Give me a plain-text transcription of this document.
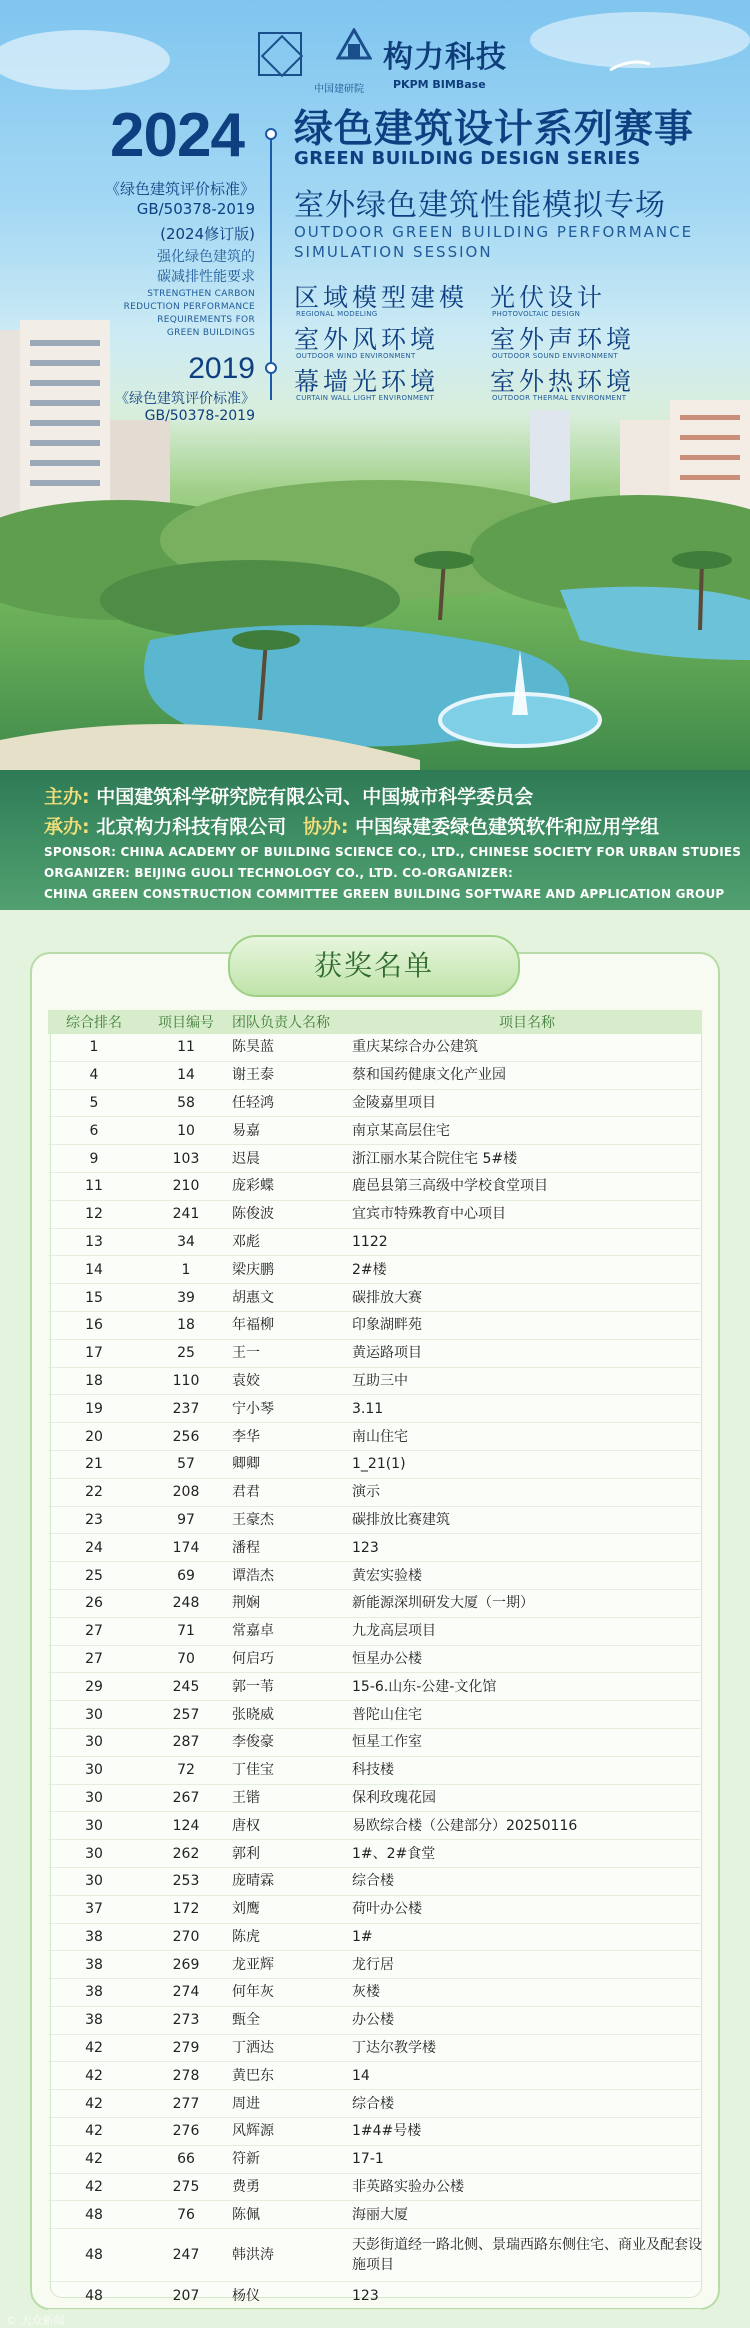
中国建研院
构力科技
PKPM BIMBase
2024
《绿色建筑评价标准》
GB/50378-2019
(2024修订版)
强化绿色建筑的
碳减排性能要求
STRENGTHEN CARBON
REDUCTION PERFORMANCE
REQUIREMENTS FOR
GREEN BUILDINGS
2019
《绿色建筑评价标准》
GB/50378-2019
绿色建筑设计系列赛事
GREEN BUILDING DESIGN SERIES
室外绿色建筑性能模拟专场
OUTDOOR GREEN BUILDING PERFORMANCE
SIMULATION SESSION
区域模型建模
REGIONAL MODELING
光伏设计
PHOTOVOLTAIC DESIGN
室外风环境
OUTDOOR WIND ENVIRONMENT
室外声环境
OUTDOOR SOUND ENVIRONMENT
幕墙光环境
CURTAIN WALL LIGHT ENVIRONMENT
室外热环境
OUTDOOR THERMAL ENVIRONMENT
主办: 中国建筑科学研究院有限公司、中国城市科学委员会
承办: 北京构力科技有限公司 协办: 中国绿建委绿色建筑软件和应用学组
SPONSOR: CHINA ACADEMY OF BUILDING SCIENCE CO., LTD., CHINESE SOCIETY FOR URBAN STUDIES
ORGANIZER: BEIJING GUOLI TECHNOLOGY CO., LTD. CO-ORGANIZER:
CHINA GREEN CONSTRUCTION COMMITTEE GREEN BUILDING SOFTWARE AND APPLICATION GROUP
获奖名单
综合排名	项目编号	团队负责人名称	项目名称
1	11	陈昊蓝	重庆某综合办公建筑
4	14	谢王泰	蔡和国药健康文化产业园
5	58	任轻鸿	金陵嘉里项目
6	10	易嘉	南京某高层住宅
9	103	迟晨	浙江丽水某合院住宅 5#楼
11	210	庞彩蝶	鹿邑县第三高级中学校食堂项目
12	241	陈俊波	宜宾市特殊教育中心项目
13	34	邓彪	1122
14	1	梁庆鹏	2#楼
15	39	胡惠文	碳排放大赛
16	18	年福柳	印象湖畔苑
17	25	王一	黄运路项目
18	110	袁姣	互助三中
19	237	宁小琴	3.11
20	256	李华	南山住宅
21	57	卿卿	1_21(1)
22	208	君君	演示
23	97	王豪杰	碳排放比赛建筑
24	174	潘程	123
25	69	谭浩杰	黄宏实验楼
26	248	荆娴	新能源深圳研发大厦（一期）
27	71	常嘉卓	九龙高层项目
27	70	何启巧	恒星办公楼
29	245	郭一苇	15-6.山东-公建-文化馆
30	257	张晓威	普陀山住宅
30	287	李俊豪	恒星工作室
30	72	丁佳宝	科技楼
30	267	王锴	保利玫瑰花园
30	124	唐权	易欧综合楼（公建部分）20250116
30	262	郭利	1#、2#食堂
30	253	庞晴霖	综合楼
37	172	刘鹰	荷叶办公楼
38	270	陈虎	1#
38	269	龙亚辉	龙行居
38	274	何年灰	灰楼
38	273	甄全	办公楼
42	279	丁洒达	丁达尔教学楼
42	278	黄巴东	14
42	277	周进	综合楼
42	276	风辉源	1#4#号楼
42	66	符新	17-1
42	275	费勇	非英路实验办公楼
48	76	陈佩	海丽大厦
48	247	韩洪涛	天彭街道经一路北侧、景瑞西路东侧住宅、商业及配套设施项目
48	207	杨仪	123
© 大众新闻
